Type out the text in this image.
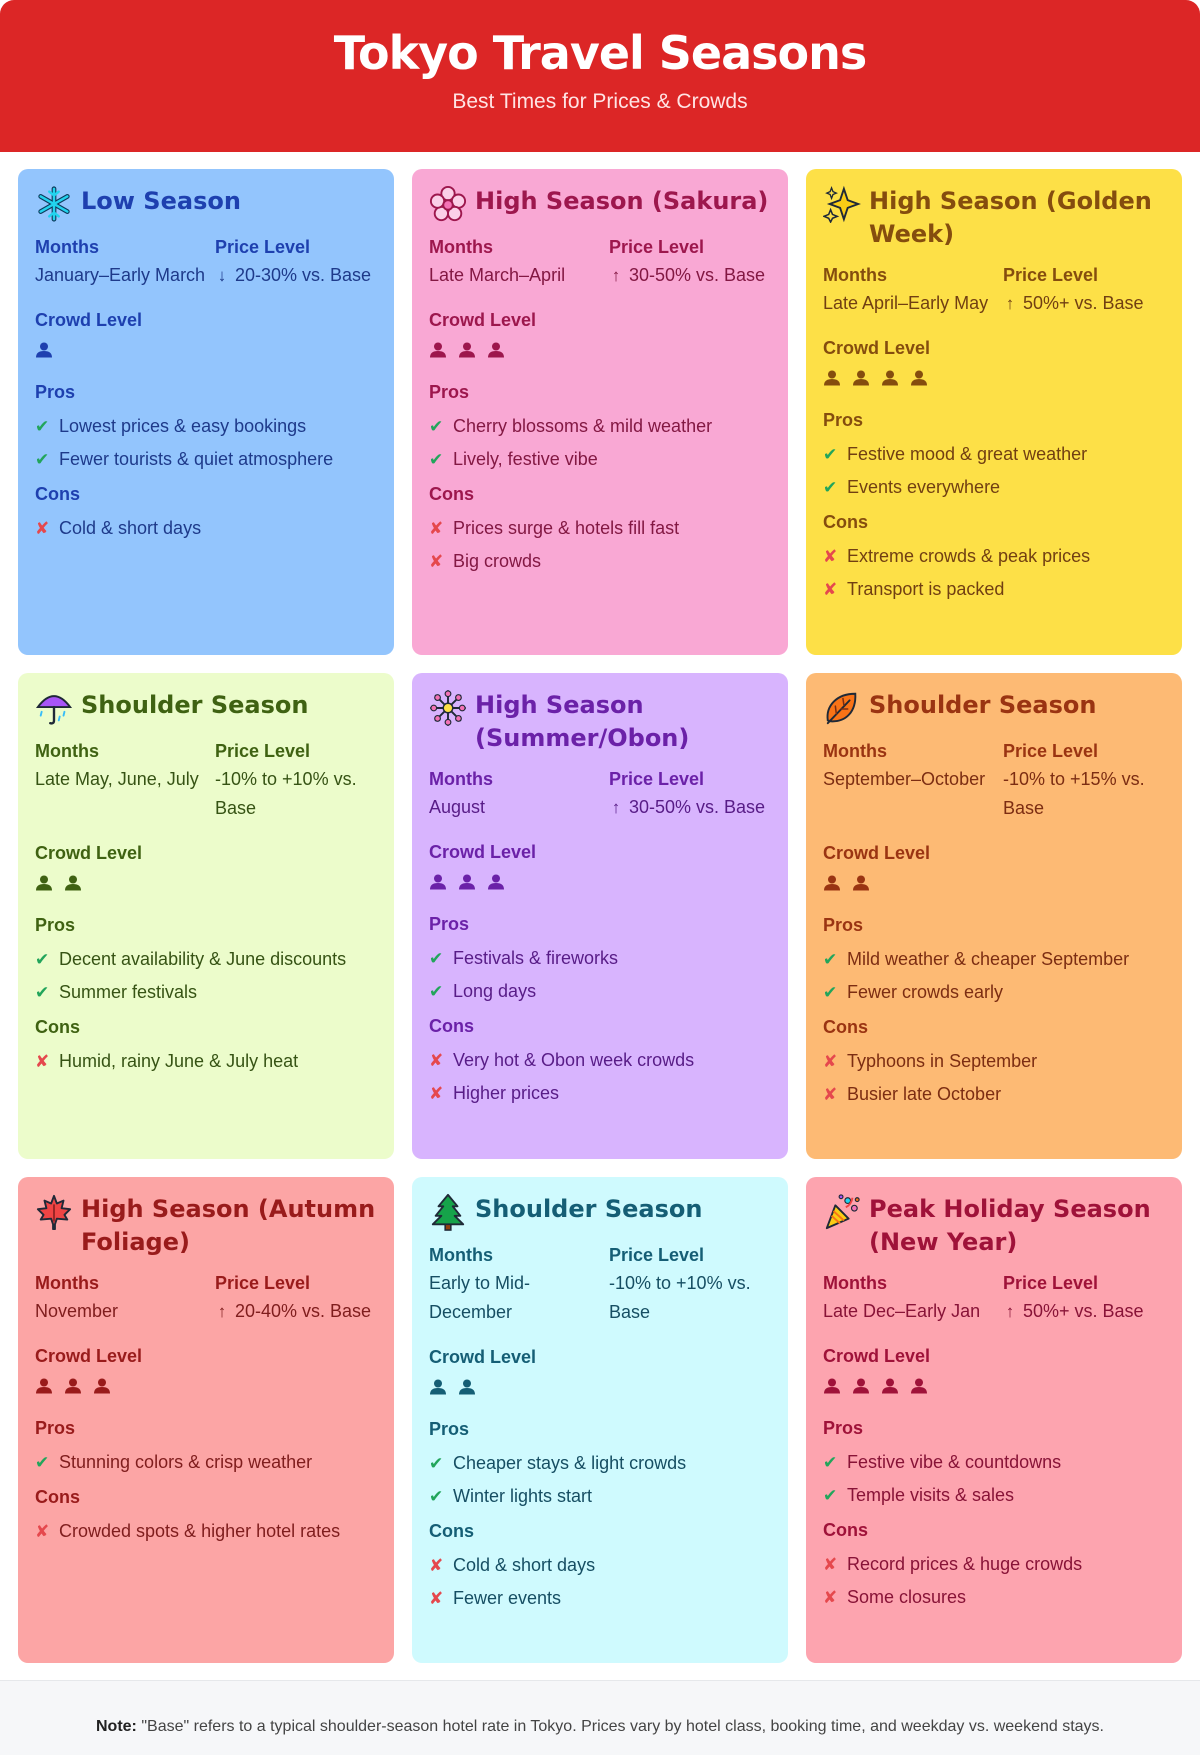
Tokyo Travel Seasons
Best Times for Prices & Crowds
Low Season
Months
January–Early March
Price Level
↓ 20-30% vs. Base
Crowd Level
Pros
✔ Lowest prices & easy bookings
✔ Fewer tourists & quiet atmosphere
Cons
✘ Cold & short days
High Season (Sakura)
Months
Late March–April
Price Level
↑ 30-50% vs. Base
Crowd Level
Pros
✔ Cherry blossoms & mild weather
✔ Lively, festive vibe
Cons
✘ Prices surge & hotels fill fast
✘ Big crowds
High Season (Golden Week)
Months
Late April–Early May
Price Level
↑ 50%+ vs. Base
Crowd Level
Pros
✔ Festive mood & great weather
✔ Events everywhere
Cons
✘ Extreme crowds & peak prices
✘ Transport is packed
Shoulder Season
Months
Late May, June, July
Price Level
-10% to +10% vs. Base
Crowd Level
Pros
✔ Decent availability & June discounts
✔ Summer festivals
Cons
✘ Humid, rainy June & July heat
High Season (Summer/Obon)
Months
August
Price Level
↑ 30-50% vs. Base
Crowd Level
Pros
✔ Festivals & fireworks
✔ Long days
Cons
✘ Very hot & Obon week crowds
✘ Higher prices
Shoulder Season
Months
September–October
Price Level
-10% to +15% vs. Base
Crowd Level
Pros
✔ Mild weather & cheaper September
✔ Fewer crowds early
Cons
✘ Typhoons in September
✘ Busier late October
High Season (Autumn Foliage)
Months
November
Price Level
↑ 20-40% vs. Base
Crowd Level
Pros
✔ Stunning colors & crisp weather
Cons
✘ Crowded spots & higher hotel rates
Shoulder Season
Months
Early to Mid-December
Price Level
-10% to +10% vs. Base
Crowd Level
Pros
✔ Cheaper stays & light crowds
✔ Winter lights start
Cons
✘ Cold & short days
✘ Fewer events
Peak Holiday Season (New Year)
Months
Late Dec–Early Jan
Price Level
↑ 50%+ vs. Base
Crowd Level
Pros
✔ Festive vibe & countdowns
✔ Temple visits & sales
Cons
✘ Record prices & huge crowds
✘ Some closures
Note: "Base" refers to a typical shoulder-season hotel rate in Tokyo. Prices vary by hotel class, booking time, and weekday vs. weekend stays.
